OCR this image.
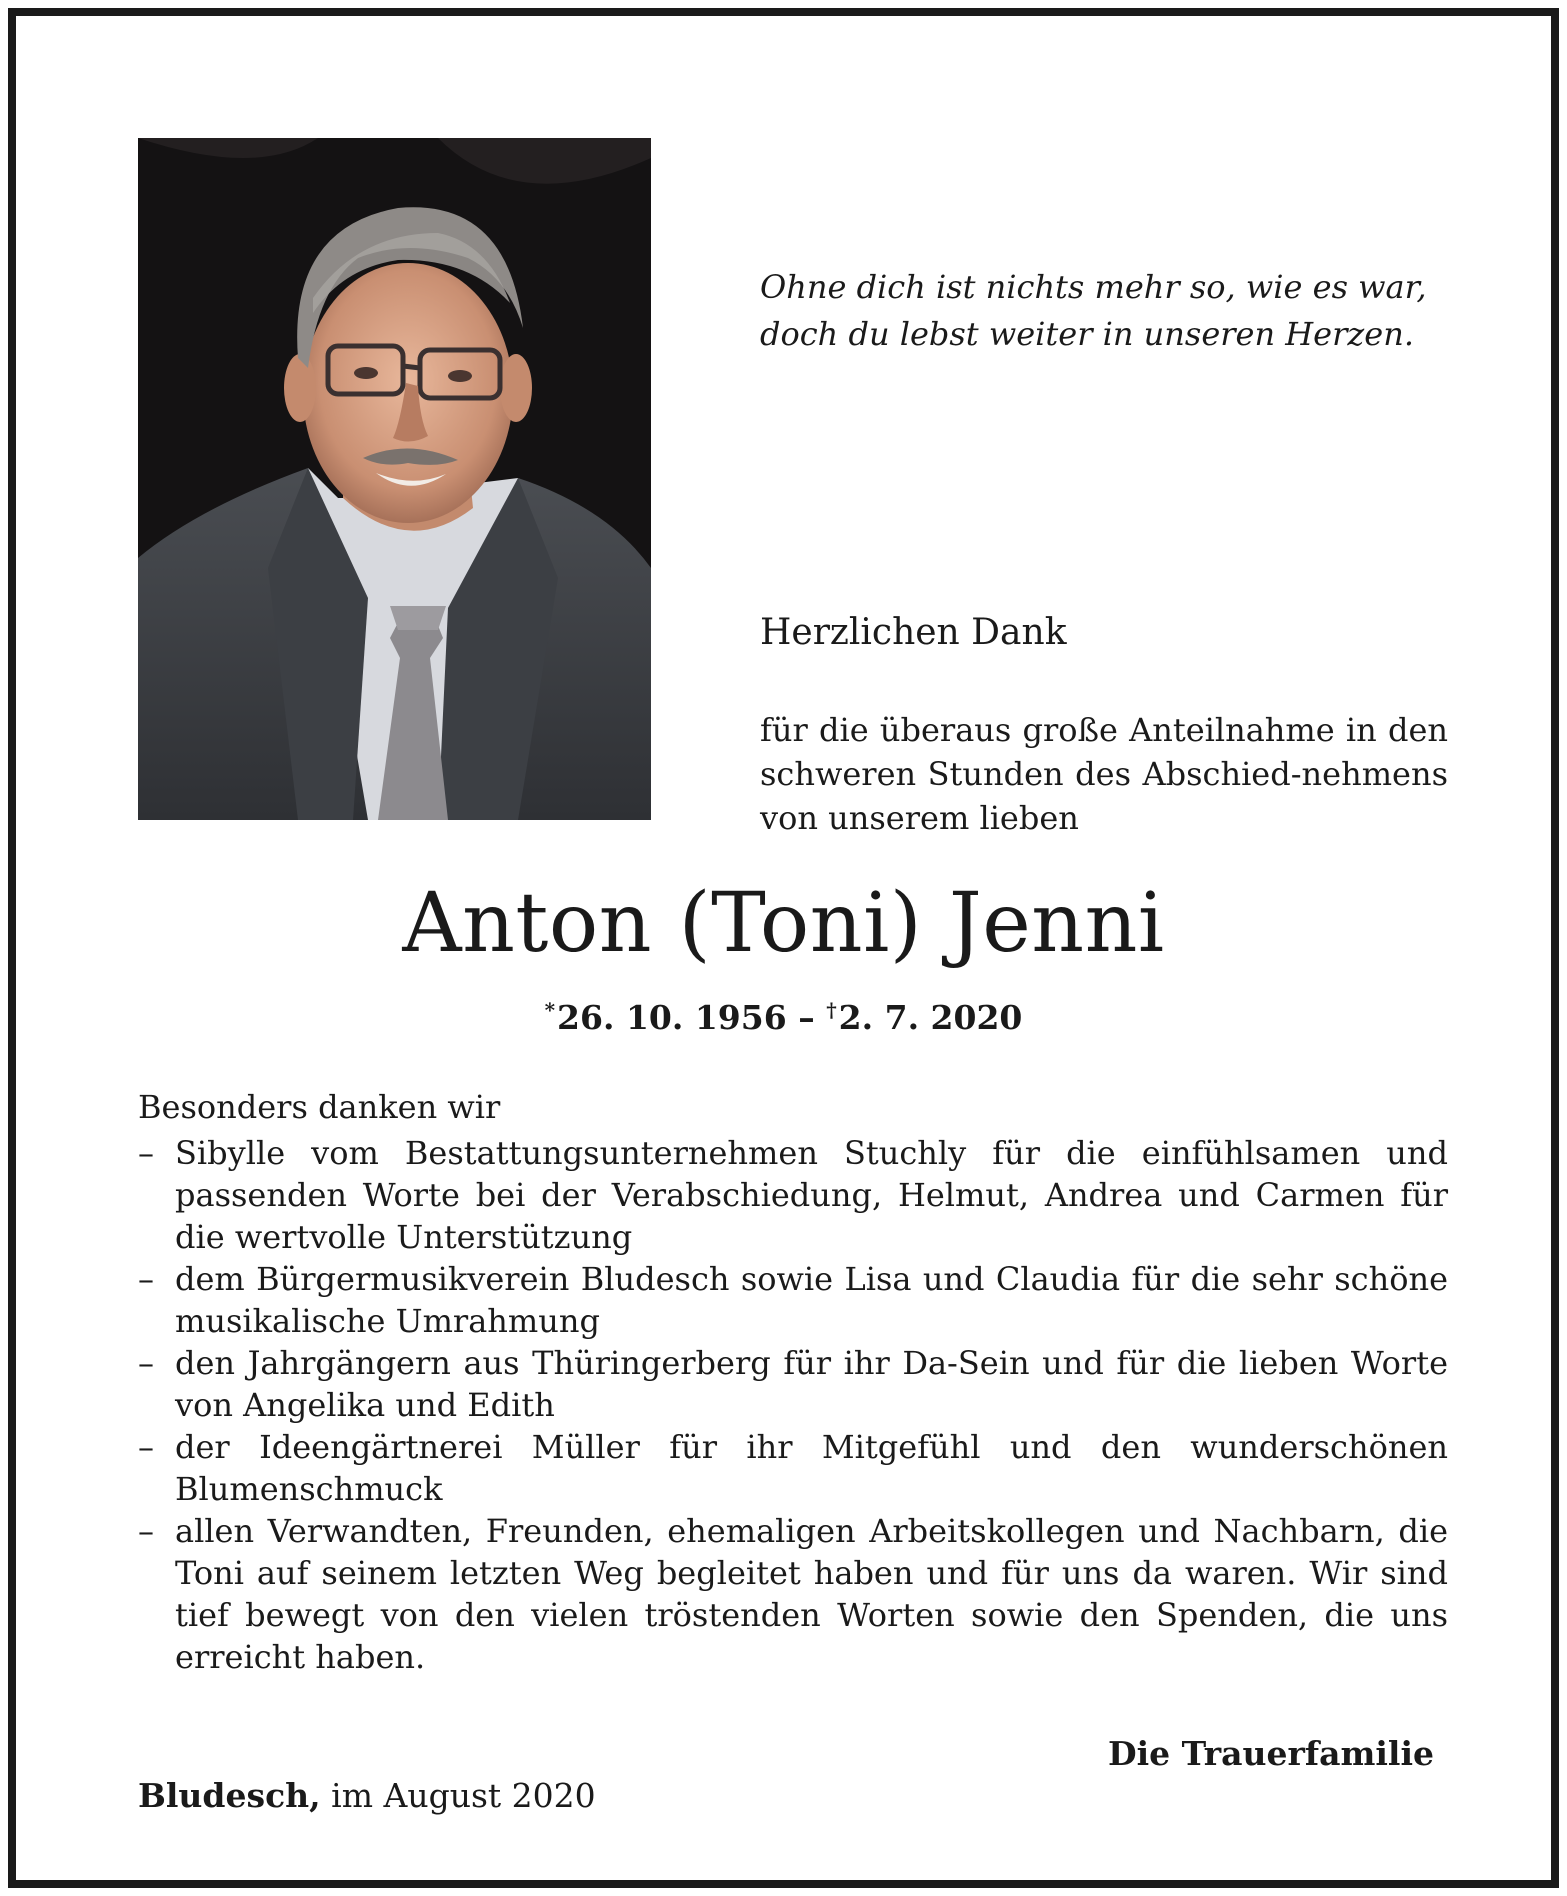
Ohne dich ist nichts mehr so, wie es war,
doch du lebst weiter in unseren Herzen.
Herzlichen Dank
für die überaus große Anteilnahme in den schweren Stunden des Abschied-nehmens von unserem lieben
Anton (Toni) Jenni
*26. 10. 1956 – †2. 7. 2020
Besonders danken wir
– Sibylle vom Bestattungsunternehmen Stuchly für die einfühlsamen und passenden Worte bei der Verabschiedung, Helmut, Andrea und Carmen für die wertvolle Unterstützung
– dem Bürgermusikverein Bludesch sowie Lisa und Claudia für die sehr schöne musikalische Umrahmung
– den Jahrgängern aus Thüringerberg für ihr Da-Sein und für die lieben Worte von Angelika und Edith
– der Ideengärtnerei Müller für ihr Mitgefühl und den wunderschönen Blumenschmuck
– allen Verwandten, Freunden, ehemaligen Arbeitskollegen und Nachbarn, die Toni auf seinem letzten Weg begleitet haben und für uns da waren. Wir sind tief bewegt von den vielen tröstenden Worten sowie den Spenden, die uns erreicht haben.
Die Trauerfamilie
Bludesch, im August 2020
